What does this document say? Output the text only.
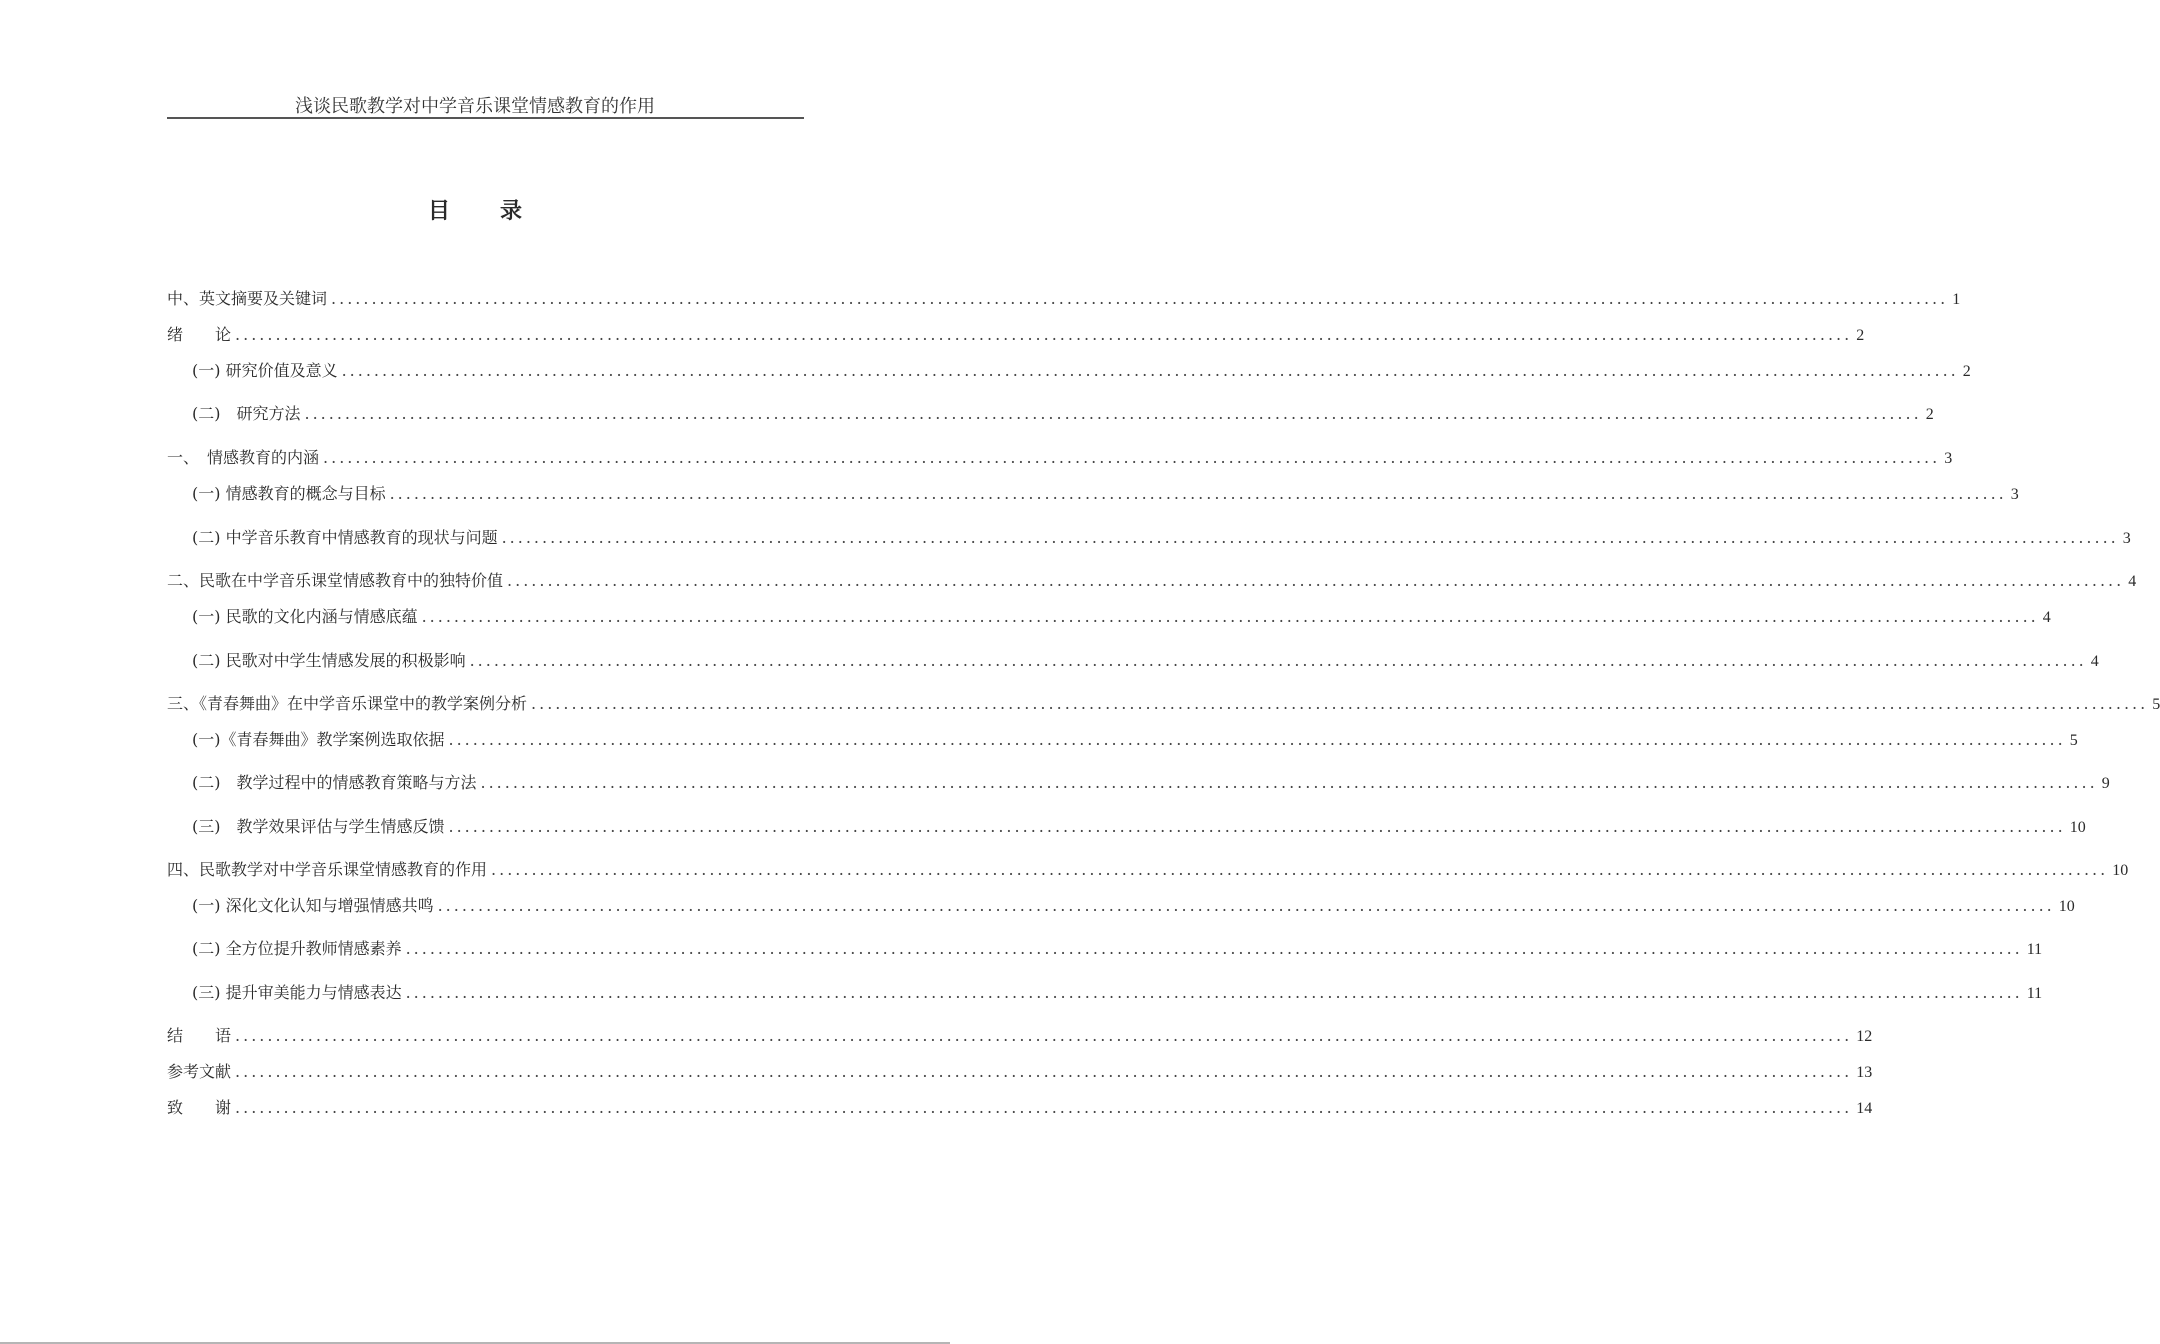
浅谈民歌教学对中学音乐课堂情感教育的作用
目录
中、英文摘要及关键词 ........................................................................................................................................................................................................ 1
绪　　论 ........................................................................................................................................................................................................ 2
(一) 研究价值及意义 ........................................................................................................................................................................................................ 2
(二)　研究方法 ........................................................................................................................................................................................................ 2
一、　情感教育的内涵 ........................................................................................................................................................................................................ 3
(一) 情感教育的概念与目标 ........................................................................................................................................................................................................ 3
(二) 中学音乐教育中情感教育的现状与问题 ........................................................................................................................................................................................................ 3
二、民歌在中学音乐课堂情感教育中的独特价值 ........................................................................................................................................................................................................ 4
(一) 民歌的文化内涵与情感底蕴 ........................................................................................................................................................................................................ 4
(二) 民歌对中学生情感发展的积极影响 ........................................................................................................................................................................................................ 4
三、《青春舞曲》在中学音乐课堂中的教学案例分析 ........................................................................................................................................................................................................ 5
(一)《青春舞曲》教学案例选取依据 ........................................................................................................................................................................................................ 5
(二)　教学过程中的情感教育策略与方法 ........................................................................................................................................................................................................ 9
(三)　教学效果评估与学生情感反馈 ........................................................................................................................................................................................................ 10
四、民歌教学对中学音乐课堂情感教育的作用 ........................................................................................................................................................................................................ 10
(一) 深化文化认知与增强情感共鸣 ........................................................................................................................................................................................................ 10
(二) 全方位提升教师情感素养 ........................................................................................................................................................................................................ 11
(三) 提升审美能力与情感表达 ........................................................................................................................................................................................................ 11
结　　语 ........................................................................................................................................................................................................ 12
参考文献 ........................................................................................................................................................................................................ 13
致　　谢 ........................................................................................................................................................................................................ 14
